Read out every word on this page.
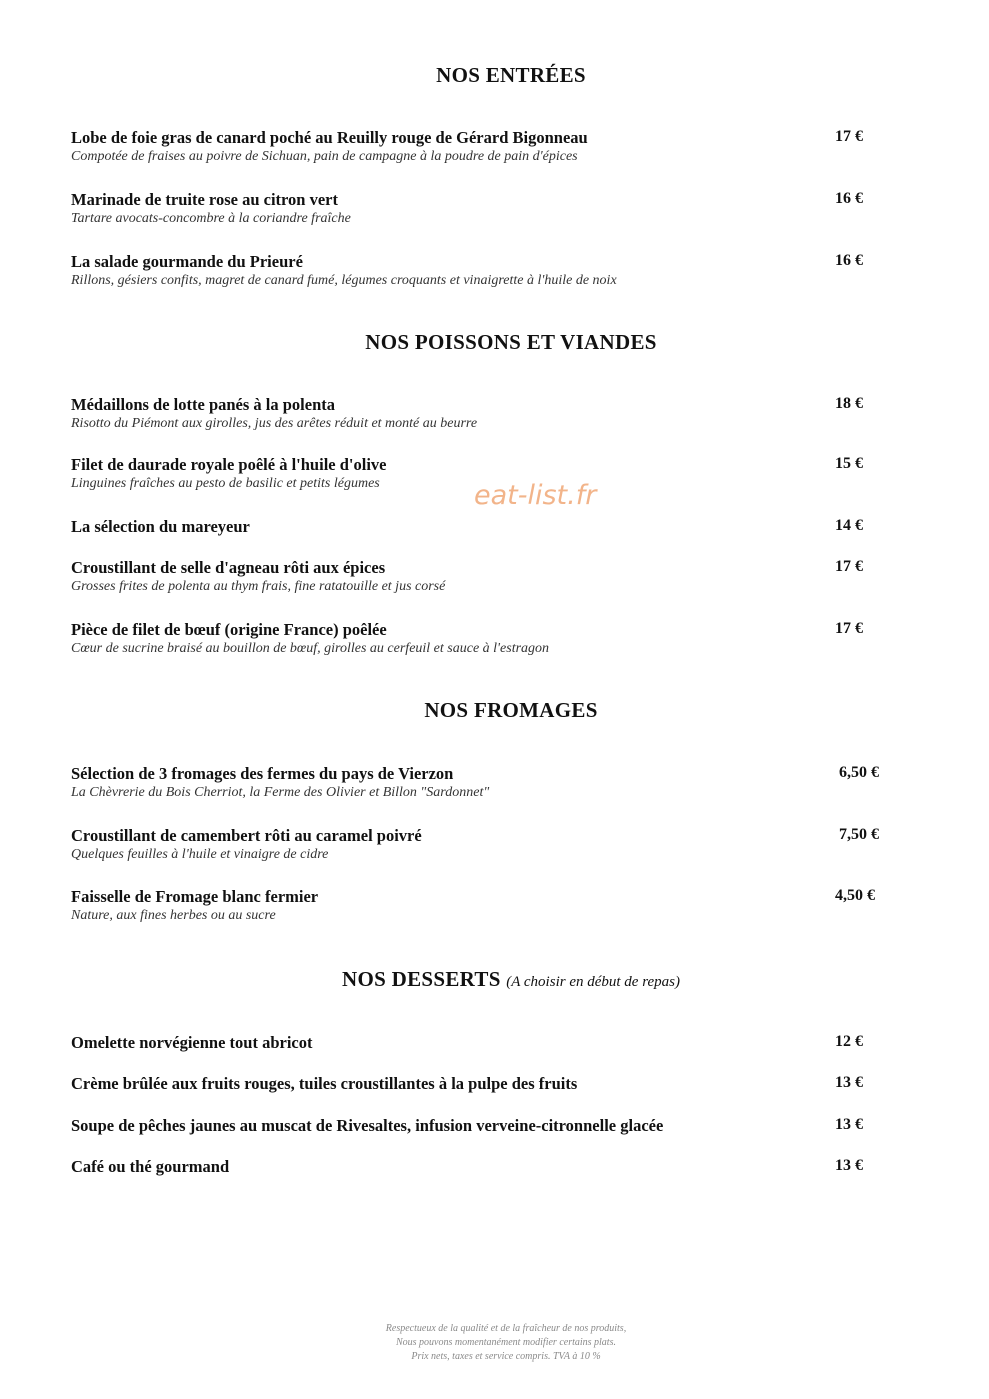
NOS ENTRÉES
Lobe de foie gras de canard poché au Reuilly rouge de Gérard Bigonneau
Compotée de fraises au poivre de Sichuan, pain de campagne à la poudre de pain d'épices
17 €
Marinade de truite rose au citron vert
Tartare avocats-concombre à la coriandre fraîche
16 €
La salade gourmande du Prieuré
Rillons, gésiers confits, magret de canard fumé, légumes croquants et vinaigrette à l'huile de noix
16 €
NOS POISSONS ET VIANDES
Médaillons de lotte panés à la polenta
Risotto du Piémont aux girolles, jus des arêtes réduit et monté au beurre
18 €
Filet de daurade royale poêlé à l'huile d'olive
Linguines fraîches au pesto de basilic et petits légumes
15 €
La sélection du mareyeur	14 €
Croustillant de selle d'agneau rôti aux épices
Grosses frites de polenta au thym frais, fine ratatouille et jus corsé
17 €
Pièce de filet de bœuf (origine France) poêlée
Cœur de sucrine braisé au bouillon de bœuf, girolles au cerfeuil et sauce à l'estragon
17 €
eat-list.fr
NOS FROMAGES
Sélection de 3 fromages des fermes du pays de Vierzon
La Chèvrerie du Bois Cherriot, la Ferme des Olivier et Billon "Sardonnet"
6,50 €
Croustillant de camembert rôti au caramel poivré
Quelques feuilles à l'huile et vinaigre de cidre
7,50 €
Faisselle de Fromage blanc fermier
Nature, aux fines herbes ou au sucre
4,50 €
NOS DESSERTS (A choisir en début de repas)
Omelette norvégienne tout abricot	12 €
Crème brûlée aux fruits rouges, tuiles croustillantes à la pulpe des fruits	13 €
Soupe de pêches jaunes au muscat de Rivesaltes, infusion verveine-citronnelle glacée	13 €
Café ou thé gourmand	13 €
Respectueux de la qualité et de la fraîcheur de nos produits,
Nous pouvons momentanément modifier certains plats.
Prix nets, taxes et service compris. TVA à 10 %
